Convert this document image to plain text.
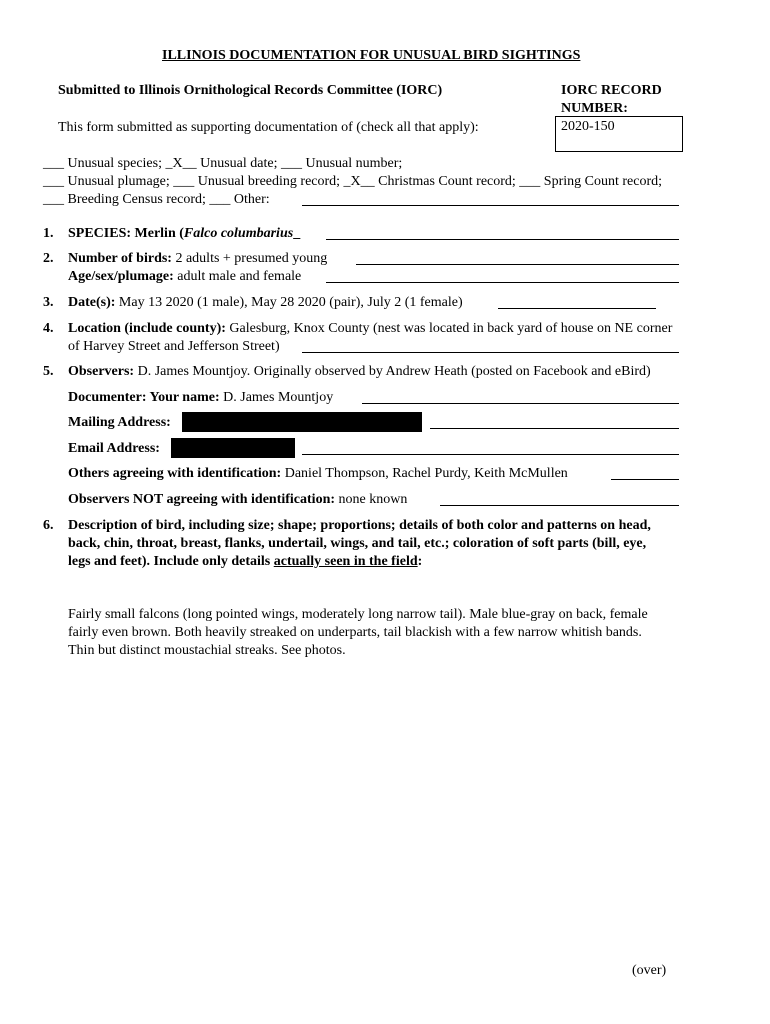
ILLINOIS DOCUMENTATION FOR UNUSUAL BIRD SIGHTINGS
Submitted to Illinois Ornithological Records Committee (IORC)	IORC RECORD
NUMBER:
2020-150
This form submitted as supporting documentation of (check all that apply):
___ Unusual species; _X__ Unusual date; ___ Unusual number;
___ Unusual plumage; ___ Unusual breeding record; _X__ Christmas Count record; ___ Spring Count record;
___ Breeding Census record; ___ Other:
1. SPECIES: Merlin (Falco columbarius_
2. Number of birds: 2 adults + presumed young
Age/sex/plumage: adult male and female
3. Date(s): May 13 2020 (1 male), May 28 2020 (pair), July 2 (1 female)
4. Location (include county): Galesburg, Knox County (nest was located in back yard of house on NE corner
of Harvey Street and Jefferson Street)
5. Observers: D. James Mountjoy. Originally observed by Andrew Heath (posted on Facebook and eBird)
Documenter: Your name: D. James Mountjoy
Mailing Address:
Email Address:
Others agreeing with identification: Daniel Thompson, Rachel Purdy, Keith McMullen
Observers NOT agreeing with identification: none known
6. Description of bird, including size; shape; proportions; details of both color and patterns on head,
back, chin, throat, breast, flanks, undertail, wings, and tail, etc.; coloration of soft parts (bill, eye,
legs and feet). Include only details actually seen in the field:
Fairly small falcons (long pointed wings, moderately long narrow tail). Male blue-gray on back, female
fairly even brown. Both heavily streaked on underparts, tail blackish with a few narrow whitish bands.
Thin but distinct moustachial streaks. See photos.
(over)
